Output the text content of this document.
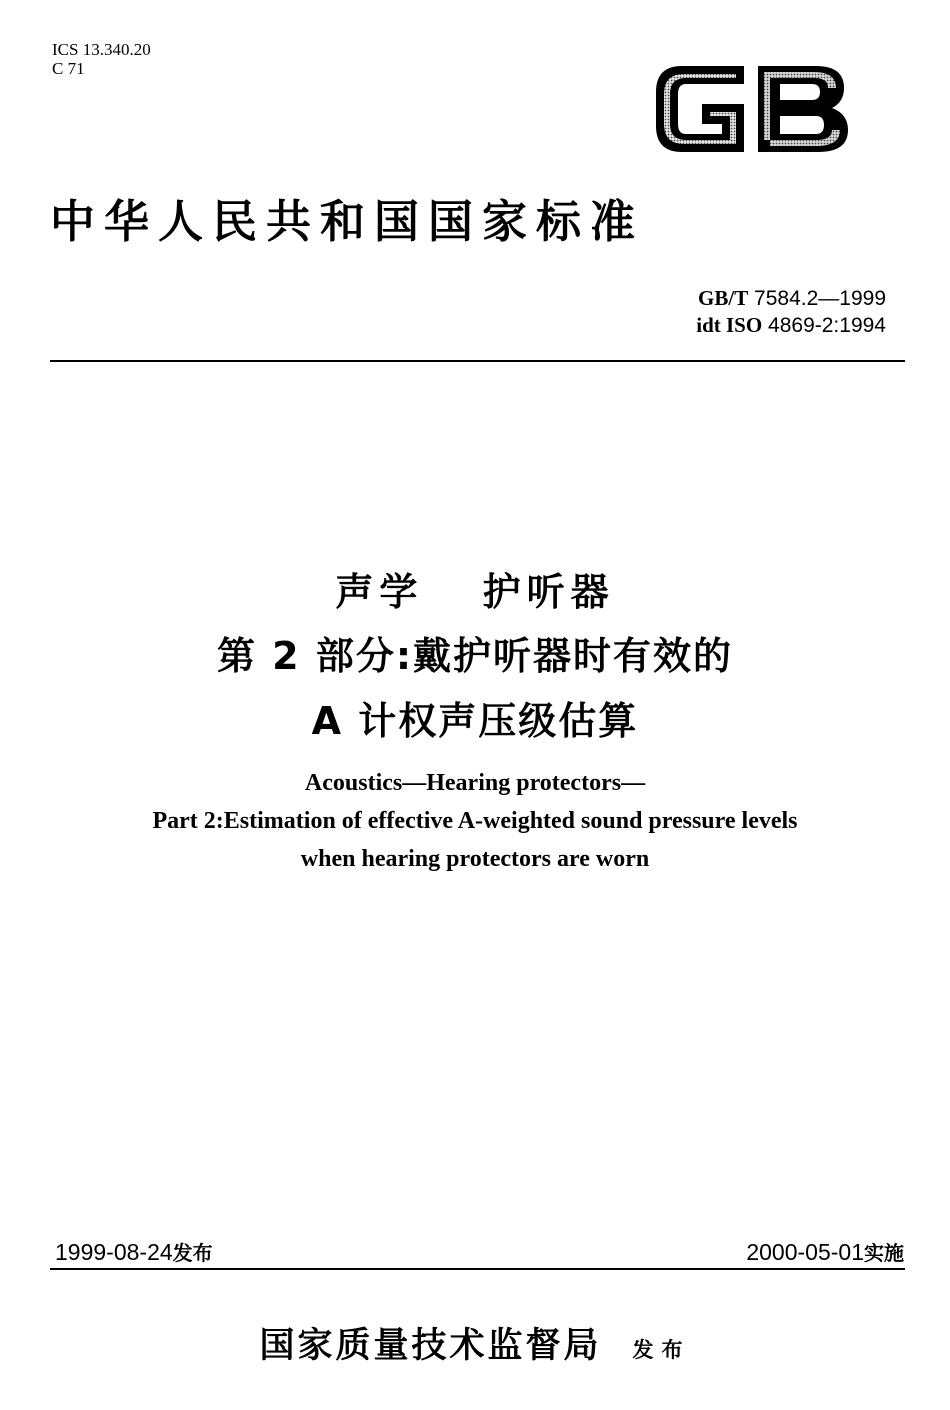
ICS 13.340.20
C 71
中华人民共和国国家标准
GB/T 7584.2—1999
idt ISO 4869-2:1994
声学 护听器
第 2 部分:戴护听器时有效的
A 计权声压级估算
Acoustics—Hearing protectors—
Part 2:Estimation of effective A-weighted sound pressure levels
when hearing protectors are worn
1999-08-24发布	2000-05-01实施
国家质量技术监督局 发布
